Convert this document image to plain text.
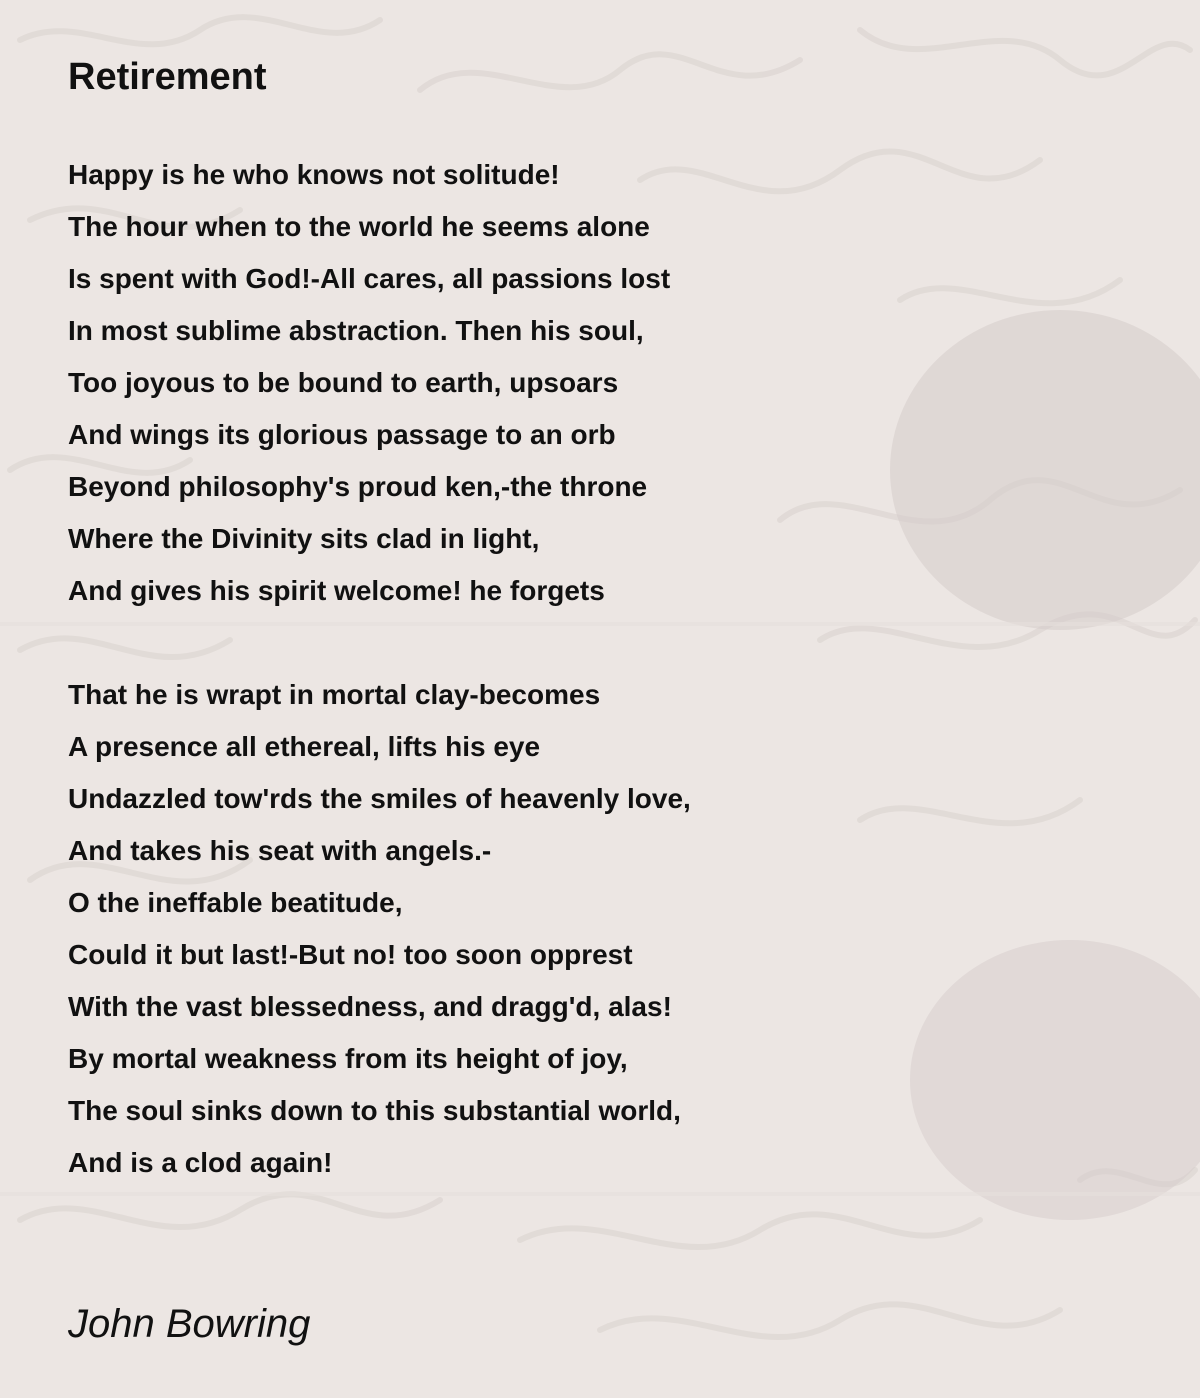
Retirement
Happy is he who knows not solitude!
The hour when to the world he seems alone
Is spent with God!-All cares, all passions lost
In most sublime abstraction. Then his soul,
Too joyous to be bound to earth, upsoars
And wings its glorious passage to an orb
Beyond philosophy's proud ken,-the throne
Where the Divinity sits clad in light,
And gives his spirit welcome! he forgets
That he is wrapt in mortal clay-becomes
A presence all ethereal, lifts his eye
Undazzled tow'rds the smiles of heavenly love,
And takes his seat with angels.-
O the ineffable beatitude,
Could it but last!-But no! too soon opprest
With the vast blessedness, and dragg'd, alas!
By mortal weakness from its height of joy,
The soul sinks down to this substantial world,
And is a clod again!

John Bowring
